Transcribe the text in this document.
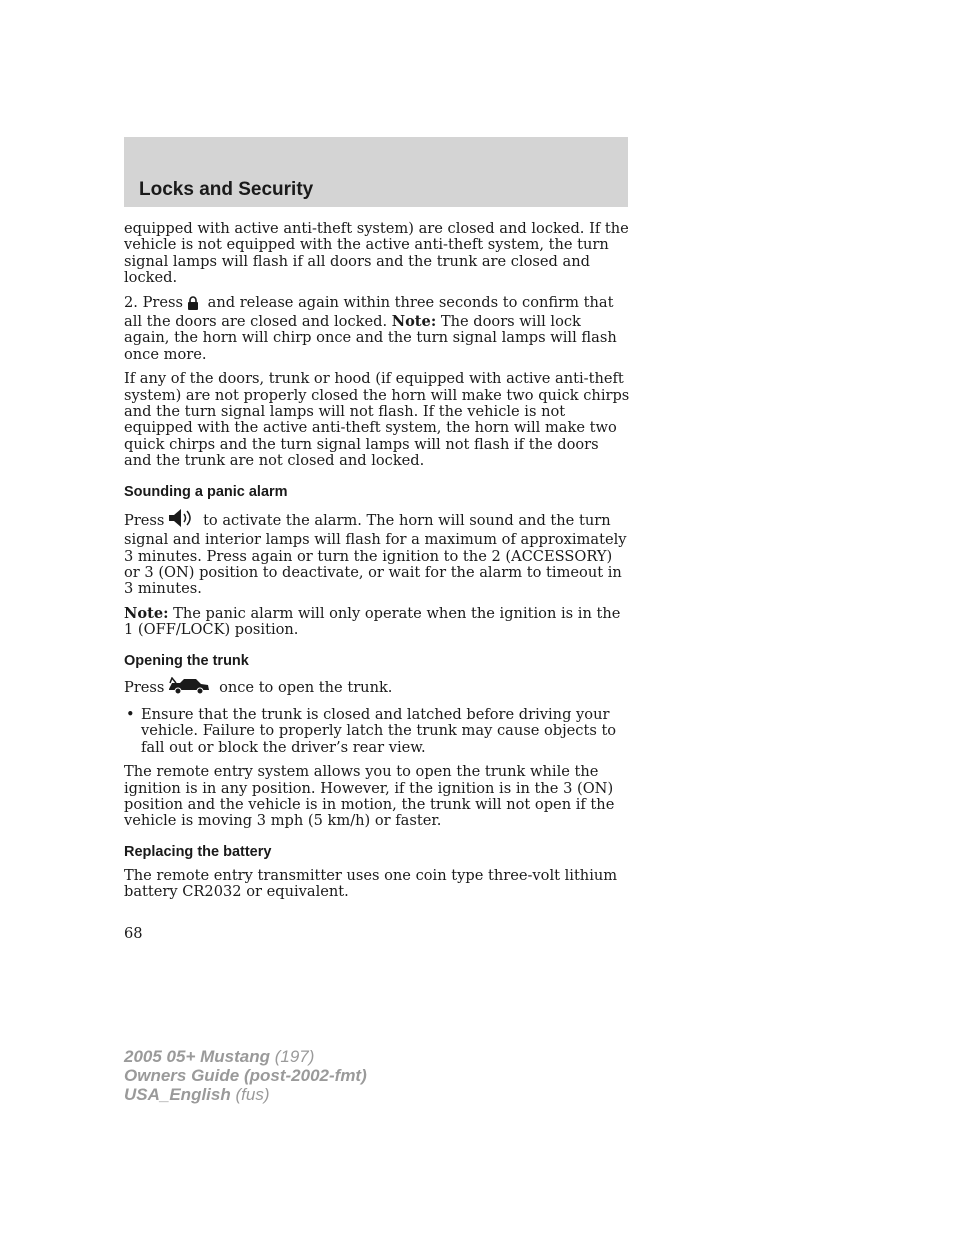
Locks and Security

equipped with active anti-theft system) are closed and locked. If the vehicle is not equipped with the active anti-theft system, the turn signal lamps will flash if all doors and the trunk are closed and locked.

2. Press and release again within three seconds to confirm that all the doors are closed and locked. Note: The doors will lock again, the horn will chirp once and the turn signal lamps will flash once more.

If any of the doors, trunk or hood (if equipped with active anti-theft system) are not properly closed the horn will make two quick chirps and the turn signal lamps will not flash. If the vehicle is not equipped with the active anti-theft system, the horn will make two quick chirps and the turn signal lamps will not flash if the doors and the trunk are not closed and locked.

Sounding a panic alarm

Press	to activate the alarm. The horn will sound and the turn signal and interior lamps will flash for a maximum of approximately 3 minutes. Press again or turn the ignition to the 2 (ACCESSORY) or 3 (ON) position to deactivate, or wait for the alarm to timeout in 3 minutes.

Note: The panic alarm will only operate when the ignition is in the 1 (OFF/LOCK) position.

Opening the trunk

Press	once to open the trunk.

• Ensure that the trunk is closed and latched before driving your vehicle. Failure to properly latch the trunk may cause objects to fall out or block the driver’s rear view.

The remote entry system allows you to open the trunk while the ignition is in any position. However, if the ignition is in the 3 (ON) position and the vehicle is in motion, the trunk will not open if the vehicle is moving 3 mph (5 km/h) or faster.

Replacing the battery

The remote entry transmitter uses one coin type three-volt lithium battery CR2032 or equivalent.

68
2005 05+ Mustang (197)
Owners Guide (post-2002-fmt)
USA_English (fus)
